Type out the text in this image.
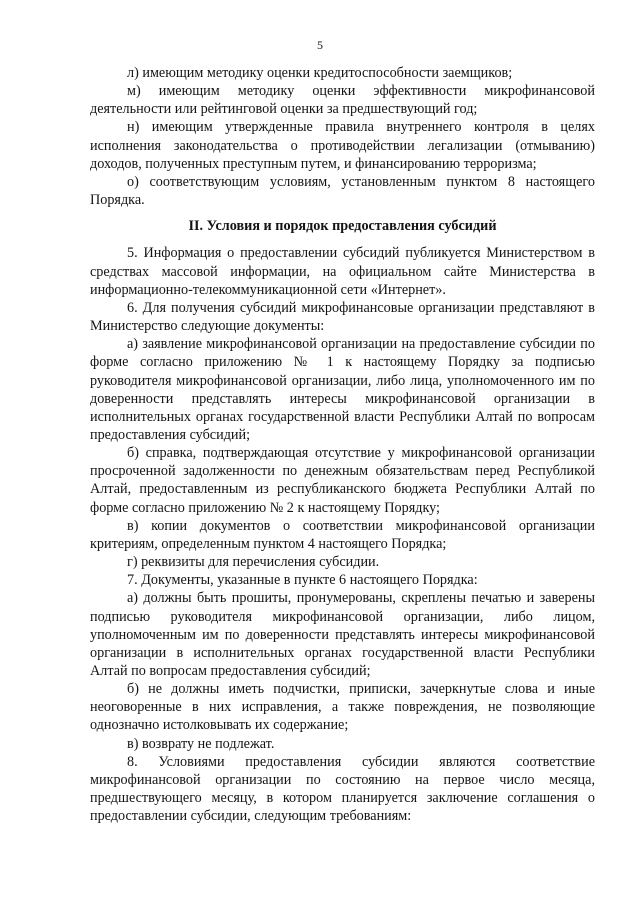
5

л) имеющим методику оценки кредитоспособности заемщиков;

м) имеющим методику оценки эффективности микрофинансовой деятельности или рейтинговой оценки за предшествующий год;

н) имеющим утвержденные правила внутреннего контроля в целях исполнения законодательства о противодействии легализации (отмыванию) доходов, полученных преступным путем, и финансированию терроризма;

о) соответствующим условиям, установленным пунктом 8 настоящего Порядка.

II. Условия и порядок предоставления субсидий

5. Информация о предоставлении субсидий публикуется Министерством в средствах массовой информации, на официальном сайте Министерства в информационно-телекоммуникационной сети «Интернет».

6. Для получения субсидий микрофинансовые организации представляют в Министерство следующие документы:

а) заявление микрофинансовой организации на предоставление субсидии по форме согласно приложению № 1 к настоящему Порядку за подписью руководителя микрофинансовой организации, либо лица, уполномоченного им по доверенности представлять интересы микрофинансовой организации в исполнительных органах государственной власти Республики Алтай по вопросам предоставления субсидий;

б) справка, подтверждающая отсутствие у микрофинансовой организации просроченной задолженности по денежным обязательствам перед Республикой Алтай, предоставленным из республиканского бюджета Республики Алтай по форме согласно приложению № 2 к настоящему Порядку;

в) копии документов о соответствии микрофинансовой организации критериям, определенным пунктом 4 настоящего Порядка;

г) реквизиты для перечисления субсидии.

7. Документы, указанные в пункте 6 настоящего Порядка:

а) должны быть прошиты, пронумерованы, скреплены печатью и заверены подписью руководителя микрофинансовой организации, либо лицом, уполномоченным им по доверенности представлять интересы микрофинансовой организации в исполнительных органах государственной власти Республики Алтай по вопросам предоставления субсидий;

б) не должны иметь подчистки, приписки, зачеркнутые слова и иные неоговоренные в них исправления, а также повреждения, не позволяющие однозначно истолковывать их содержание;

в) возврату не подлежат.

8. Условиями предоставления субсидии являются соответствие микрофинансовой организации по состоянию на первое число месяца, предшествующего месяцу, в котором планируется заключение соглашения о предоставлении субсидии, следующим требованиям:
